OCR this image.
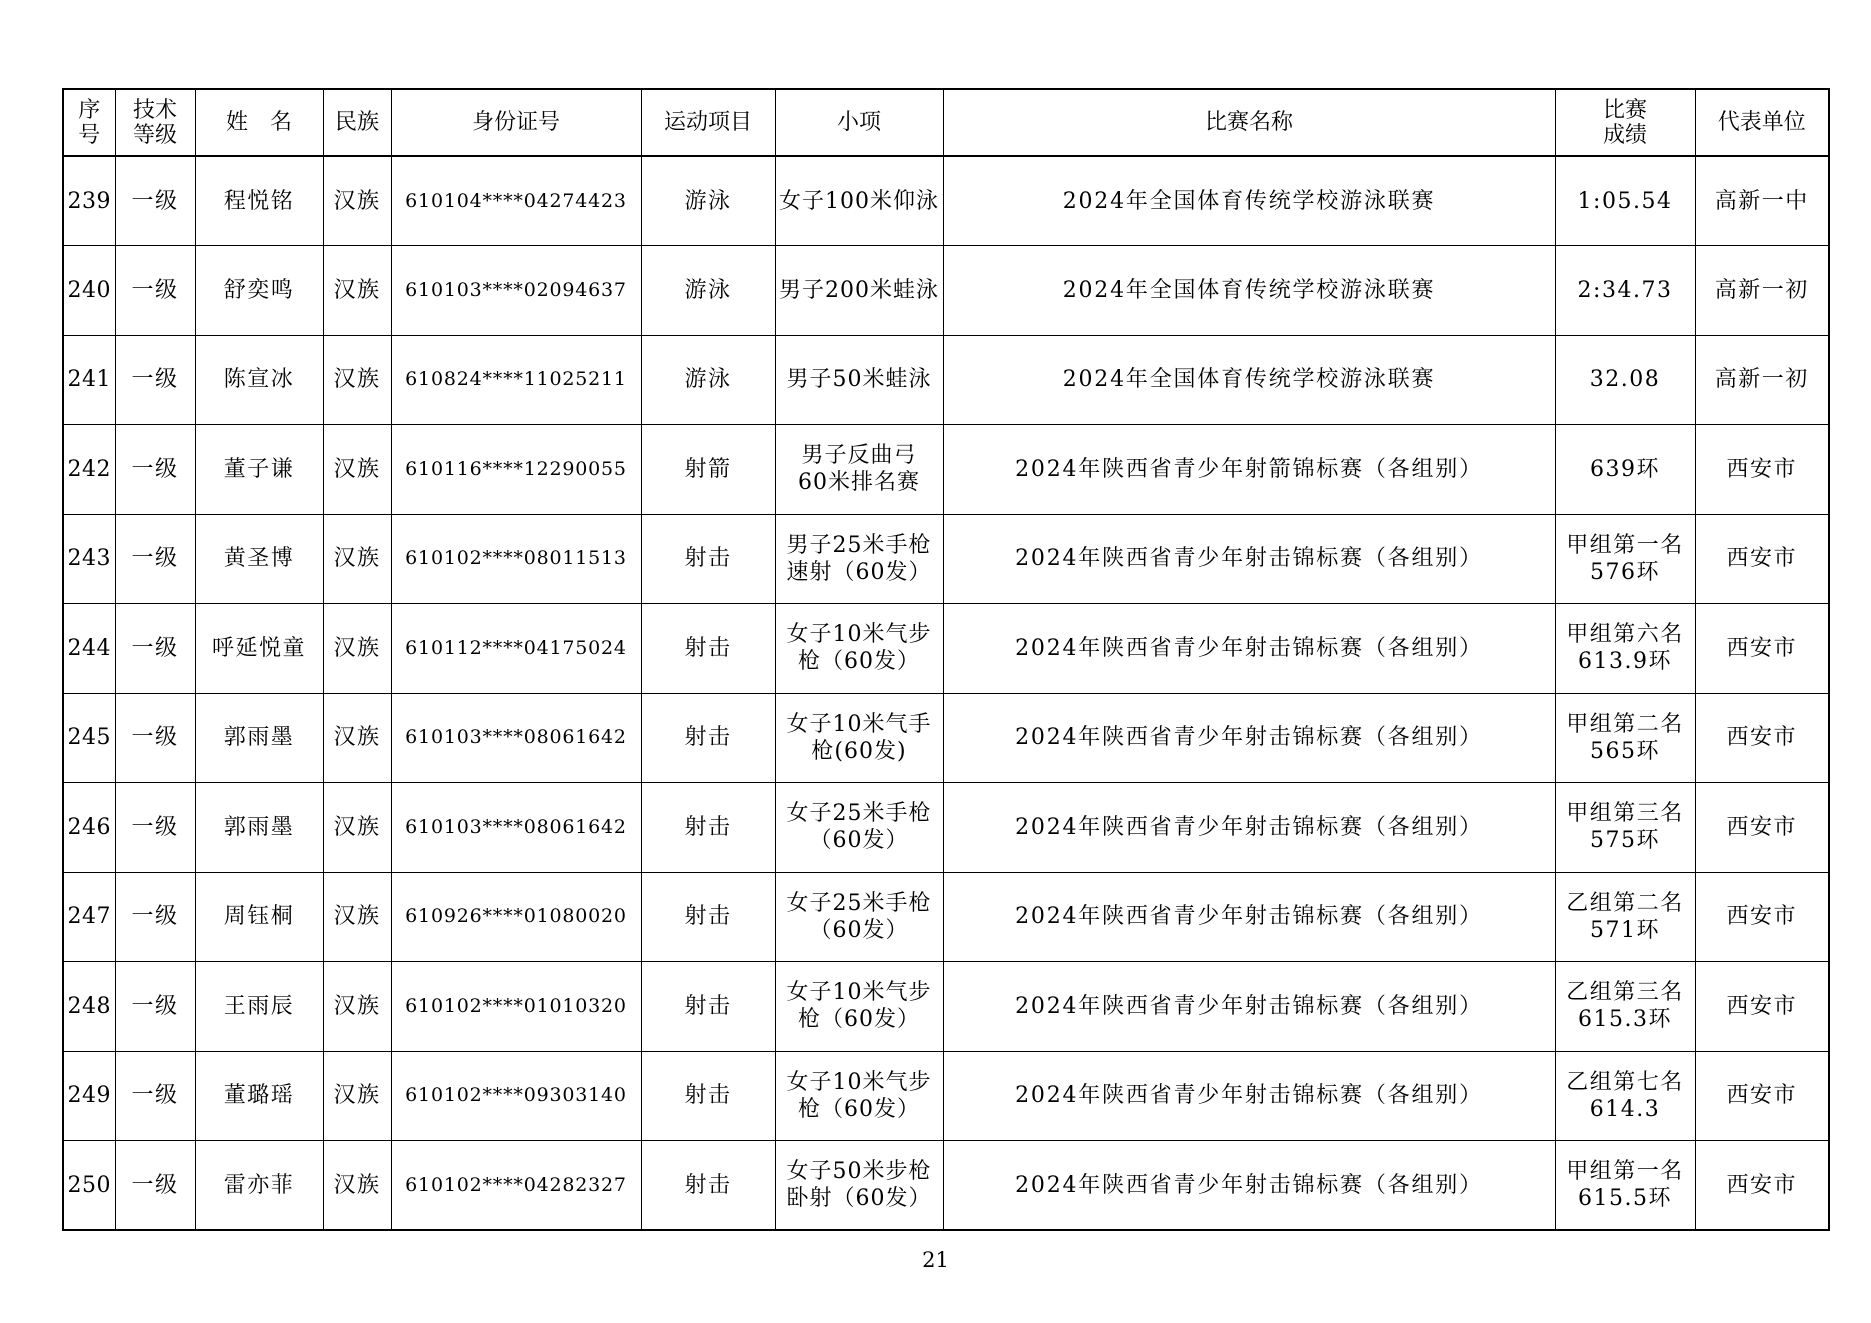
序
号	技术
等级	姓　名	民族	身份证号	运动项目	小项	比赛名称	比赛
成绩	代表单位

239	一级	程悦铭	汉族	610104****04274423	游泳	女子100米仰泳	2024年全国体育传统学校游泳联赛	1:05.54	高新一中

240	一级	舒奕鸣	汉族	610103****02094637	游泳	男子200米蛙泳	2024年全国体育传统学校游泳联赛	2:34.73	高新一初

241	一级	陈宣冰	汉族	610824****11025211	游泳	男子50米蛙泳	2024年全国体育传统学校游泳联赛	32.08	高新一初

242	一级	董子谦	汉族	610116****12290055	射箭	男子反曲弓
60米排名赛	2024年陕西省青少年射箭锦标赛（各组别）	639环	西安市

243	一级	黄圣博	汉族	610102****08011513	射击	男子25米手枪
速射（60发）	2024年陕西省青少年射击锦标赛（各组别）	甲组第一名
576环	西安市

244	一级	呼延悦童	汉族	610112****04175024	射击	女子10米气步
枪（60发）	2024年陕西省青少年射击锦标赛（各组别）	甲组第六名
613.9环	西安市

245	一级	郭雨墨	汉族	610103****08061642	射击	女子10米气手
枪(60发)	2024年陕西省青少年射击锦标赛（各组别）	甲组第二名
565环	西安市

246	一级	郭雨墨	汉族	610103****08061642	射击	女子25米手枪
（60发）	2024年陕西省青少年射击锦标赛（各组别）	甲组第三名
575环	西安市

247	一级	周钰桐	汉族	610926****01080020	射击	女子25米手枪
（60发）	2024年陕西省青少年射击锦标赛（各组别）	乙组第二名
571环	西安市

248	一级	王雨辰	汉族	610102****01010320	射击	女子10米气步
枪（60发）	2024年陕西省青少年射击锦标赛（各组别）	乙组第三名
615.3环	西安市

249	一级	董璐瑶	汉族	610102****09303140	射击	女子10米气步
枪（60发）	2024年陕西省青少年射击锦标赛（各组别）	乙组第七名
614.3	西安市

250	一级	雷亦菲	汉族	610102****04282327	射击	女子50米步枪
卧射（60发）	2024年陕西省青少年射击锦标赛（各组别）	甲组第一名
615.5环	西安市
21
